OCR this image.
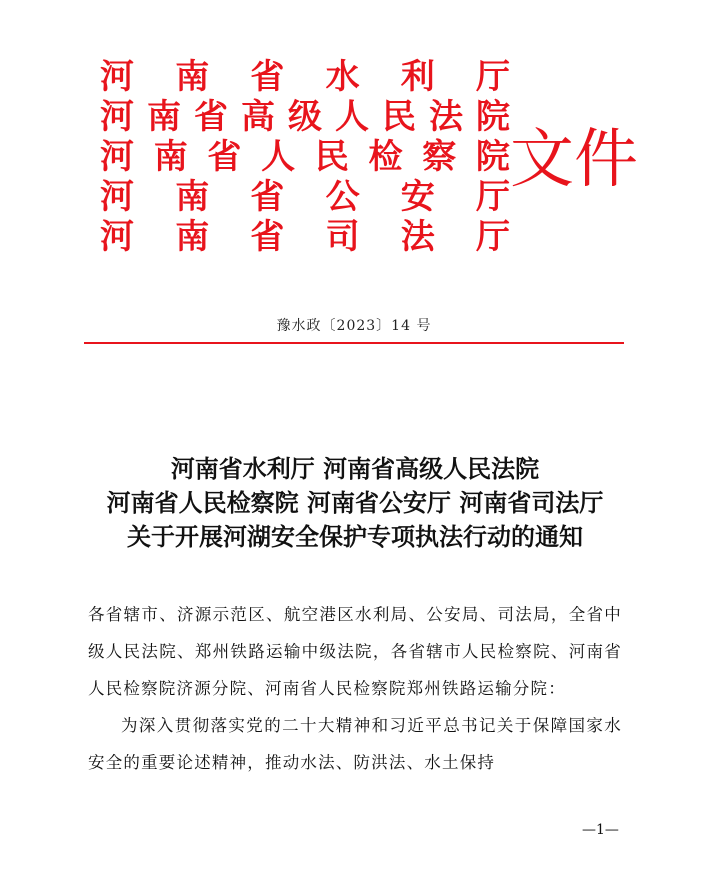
河 南 省 水 利 厅
河 南 省 高 级 人 民 法 院
河 南 省 人 民 检 察 院
河 南 省 公 安 厅
河 南 省 司 法 厅
文件
豫水政〔2023〕14 号
河南省水利厅 河南省高级人民法院
河南省人民检察院 河南省公安厅 河南省司法厅
关于开展河湖安全保护专项执法行动的通知

各省辖市、济源示范区、航空港区水利局、公安局、司法局，全省中级人民法院、郑州铁路运输中级法院，各省辖市人民检察院、河南省人民检察院济源分院、河南省人民检察院郑州铁路运输分院：

为深入贯彻落实党的二十大精神和习近平总书记关于保障国家水安全的重要论述精神，推动水法、防洪法、水土保持

—1—
